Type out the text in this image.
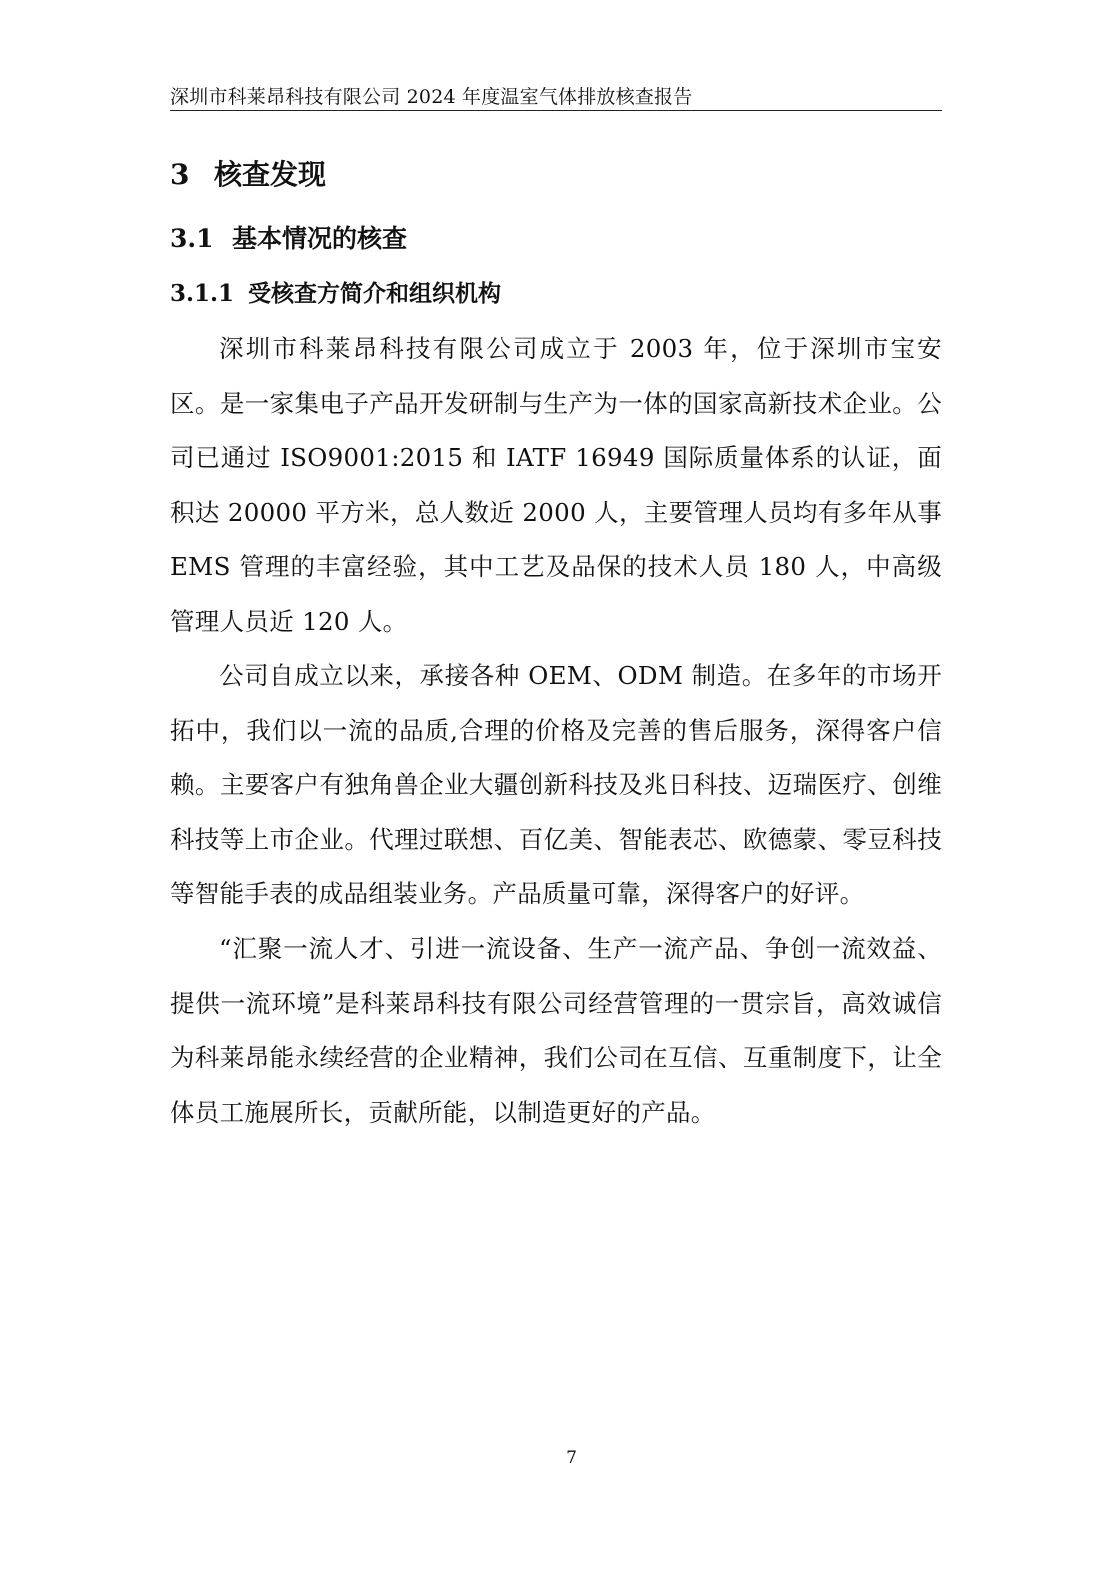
深圳市科莱昂科技有限公司 2024 年度温室气体排放核查报告
3 核查发现
3.1 基本情况的核查
3.1.1 受核查方简介和组织机构

深圳市科莱昂科技有限公司成立于 2003 年，位于深圳市宝安区。是一家集电子产品开发研制与生产为一体的国家高新技术企业。公司已通过 ISO9001:2015 和 IATF 16949 国际质量体系的认证，面积达 20000 平方米，总人数近 2000 人，主要管理人员均有多年从事 EMS 管理的丰富经验，其中工艺及品保的技术人员 180 人，中高级管理人员近 120 人。

公司自成立以来，承接各种 OEM、ODM 制造。在多年的市场开拓中，我们以一流的品质,合理的价格及完善的售后服务，深得客户信赖。主要客户有独角兽企业大疆创新科技及兆日科技、迈瑞医疗、创维科技等上市企业。代理过联想、百亿美、智能表芯、欧德蒙、零豆科技等智能手表的成品组装业务。产品质量可靠，深得客户的好评。

“汇聚一流人才、引进一流设备、生产一流产品、争创一流效益、提供一流环境”是科莱昂科技有限公司经营管理的一贯宗旨，高效诚信为科莱昂能永续经营的企业精神，我们公司在互信、互重制度下，让全体员工施展所长，贡献所能，以制造更好的产品。

7
